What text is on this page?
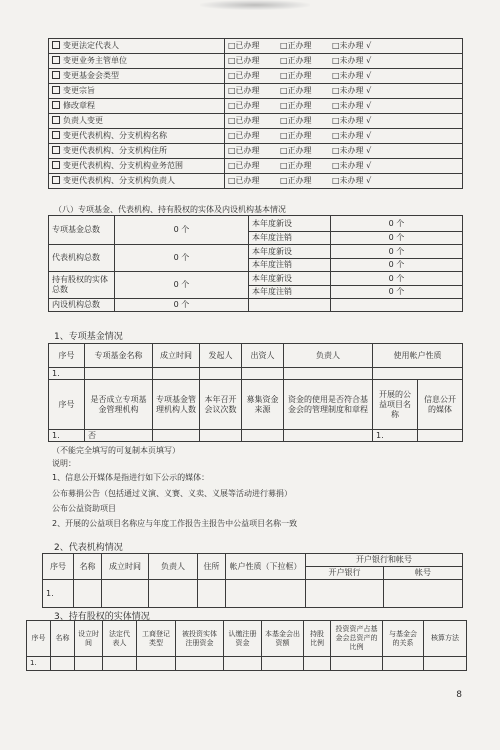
变更法定代表人	□已办理 □正办理 □未办理 √
变更业务主管单位	□已办理 □正办理 □未办理 √
变更基金会类型	□已办理 □正办理 □未办理 √
变更宗旨	□已办理 □正办理 □未办理 √
修改章程	□已办理 □正办理 □未办理 √
负责人变更	□已办理 □正办理 □未办理 √
变更代表机构、分支机构名称	□已办理 □正办理 □未办理 √
变更代表机构、分支机构住所	□已办理 □正办理 □未办理 √
变更代表机构、分支机构业务范围	□已办理 □正办理 □未办理 √
变更代表机构、分支机构负责人	□已办理 □正办理 □未办理 √
（八）专项基金、代表机构、持有股权的实体及内设机构基本情况
专项基金总数	0 个	本年度新设	0 个
		本年度注销	0 个
代表机构总数	0 个	本年度新设	0 个
		本年度注销	0 个
持有股权的实体总数	0 个	本年度新设	0 个
		本年度注销	0 个
内设机构总数	0 个		
1、专项基金情况
序号	专项基金名称	成立时间	发起人	出资人	负责人	使用帐户性质	
1.							
序号	是否成立专项基金管理机构	专项基金管理机构人数	本年召开会议次数	募集资金来源	资金的使用是否符合基金会的管理制度和章程	开展的公益项目名称	信息公开的媒体
1.	否					1.	
（不能完全填写的可复制本页填写）
说明：
1、信息公开媒体是指进行如下公示的媒体：
公布募捐公告（包括通过义演、义赛、义卖、义展等活动进行募捐）
公布公益资助项目
2、开展的公益项目名称应与年度工作报告主报告中公益项目名称一致
2、代表机构情况
序号	名称	成立时间	负责人	住所	帐户性质（下拉框）	开户银行和帐号	
						开户银行	帐号
1.							
3、持有股权的实体情况
序号	名称	设立时间	法定代表人	工商登记类型	被投资实体注册资金	认缴注册资金	本基金会出资额	持股比例	投资资产占基金会总资产的比例	与基金会的关系	核算方法
1.											
8
